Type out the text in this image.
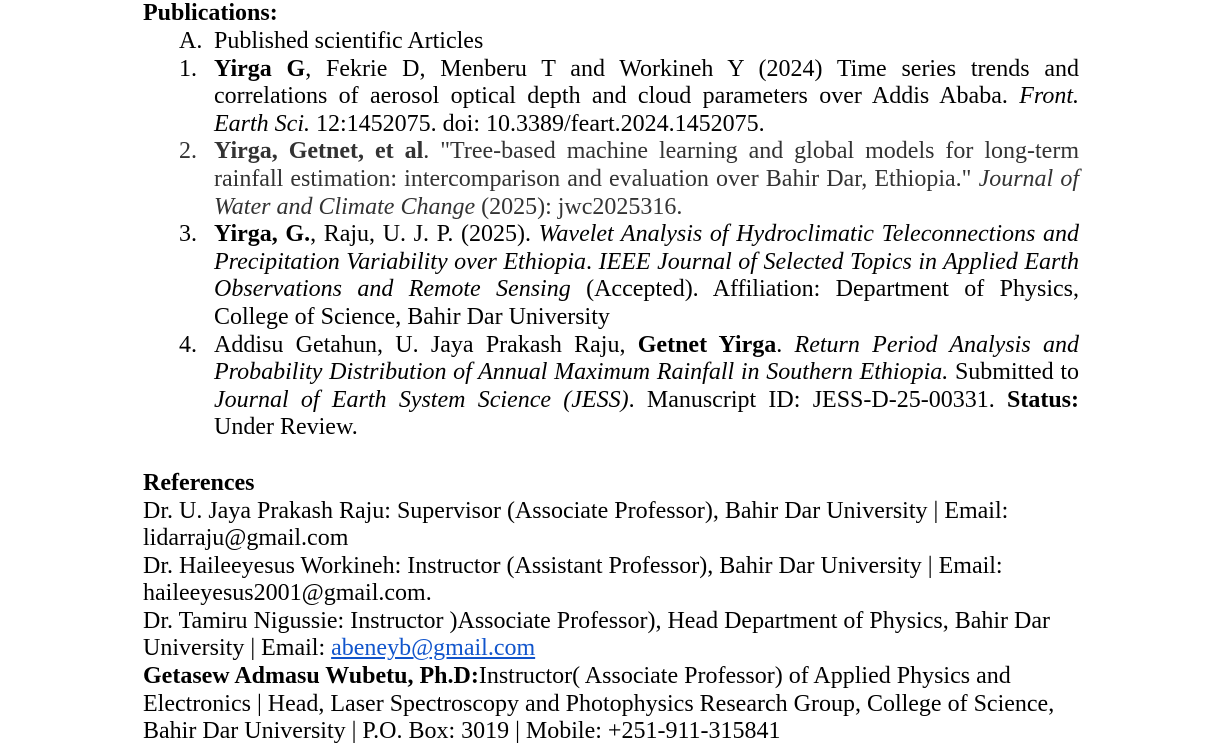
Publications:
A. Published scientific Articles
1. Yirga G, Fekrie D, Menberu T and Workineh Y (2024) Time series trends and correlations of aerosol optical depth and cloud parameters over Addis Ababa. Front. Earth Sci. 12:1452075. doi: 10.3389/feart.2024.1452075.
2. Yirga, Getnet, et al. "Tree-based machine learning and global models for long-term rainfall estimation: intercomparison and evaluation over Bahir Dar, Ethiopia." Journal of Water and Climate Change (2025): jwc2025316.
3. Yirga, G., Raju, U. J. P. (2025). Wavelet Analysis of Hydroclimatic Teleconnections and Precipitation Variability over Ethiopia. IEEE Journal of Selected Topics in Applied Earth Observations and Remote Sensing (Accepted). Affiliation: Department of Physics, College of Science, Bahir Dar University
4. Addisu Getahun, U. Jaya Prakash Raju, Getnet Yirga. Return Period Analysis and Probability Distribution of Annual Maximum Rainfall in Southern Ethiopia. Submitted to Journal of Earth System Science (JESS). Manuscript ID: JESS-D-25-00331. Status: Under Review.
References
Dr. U. Jaya Prakash Raju: Supervisor (Associate Professor), Bahir Dar University | Email: lidarraju@gmail.com
Dr. Haileeyesus Workineh: Instructor (Assistant Professor), Bahir Dar University | Email: haileeyesus2001@gmail.com.
Dr. Tamiru Nigussie: Instructor )Associate Professor), Head Department of Physics, Bahir Dar University | Email: abeneyb@gmail.com
Getasew Admasu Wubetu, Ph.D:Instructor( Associate Professor) of Applied Physics and Electronics | Head, Laser Spectroscopy and Photophysics Research Group, College of Science, Bahir Dar University | P.O. Box: 3019 | Mobile: +251-911-315841
